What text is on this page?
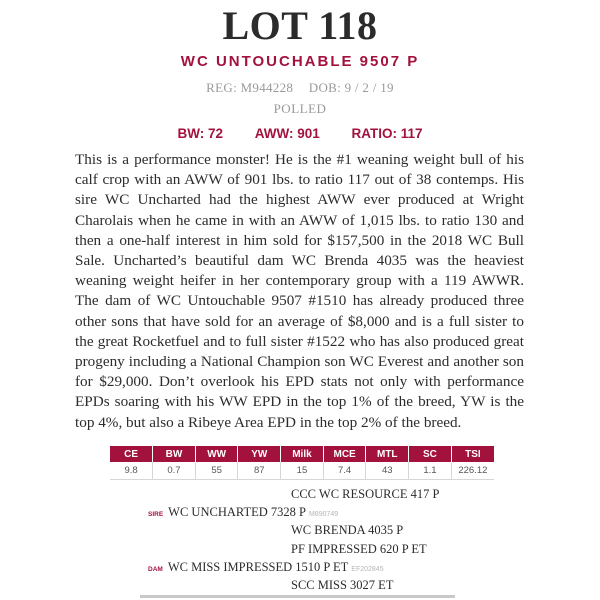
LOT 118
WC UNTOUCHABLE 9507 P
REG: M944228 DOB: 9 / 2 / 19
POLLED
BW: 72 AWW: 901 RATIO: 117

This is a performance monster! He is the #1 weaning weight bull of his calf crop with an AWW of 901 lbs. to ratio 117 out of 38 contemps. His sire WC Uncharted had the highest AWW ever produced at Wright Charolais when he came in with an AWW of 1,015 lbs. to ratio 130 and then a one-half interest in him sold for $157,500 in the 2018 WC Bull Sale. Uncharted’s beautiful dam WC Brenda 4035 was the heaviest weaning weight heifer in her contemporary group with a 119 AWWR. The dam of WC Untouchable 9507 #1510 has already produced three other sons that have sold for an average of $8,000 and is a full sister to the great Rocketfuel and to full sister #1522 who has also produced great progeny including a National Champion son WC Everest and another son for $29,000. Don’t overlook his EPD stats not only with performance EPDs soaring with his WW EPD in the top 1% of the breed, YW is the top 4%, but also a Ribeye Area EPD in the top 2% of the breed.

CE	BW	WW	YW	Milk	MCE	MTL	SC	TSI
9.8	0.7	55	87	15	7.4	43	1.1	226.12
CCC WC RESOURCE 417 P
SIRE WC UNCHARTED 7328 P M890749
WC BRENDA 4035 P
PF IMPRESSED 620 P ET
DAM WC MISS IMPRESSED 1510 P ET EF202845
SCC MISS 3027 ET
